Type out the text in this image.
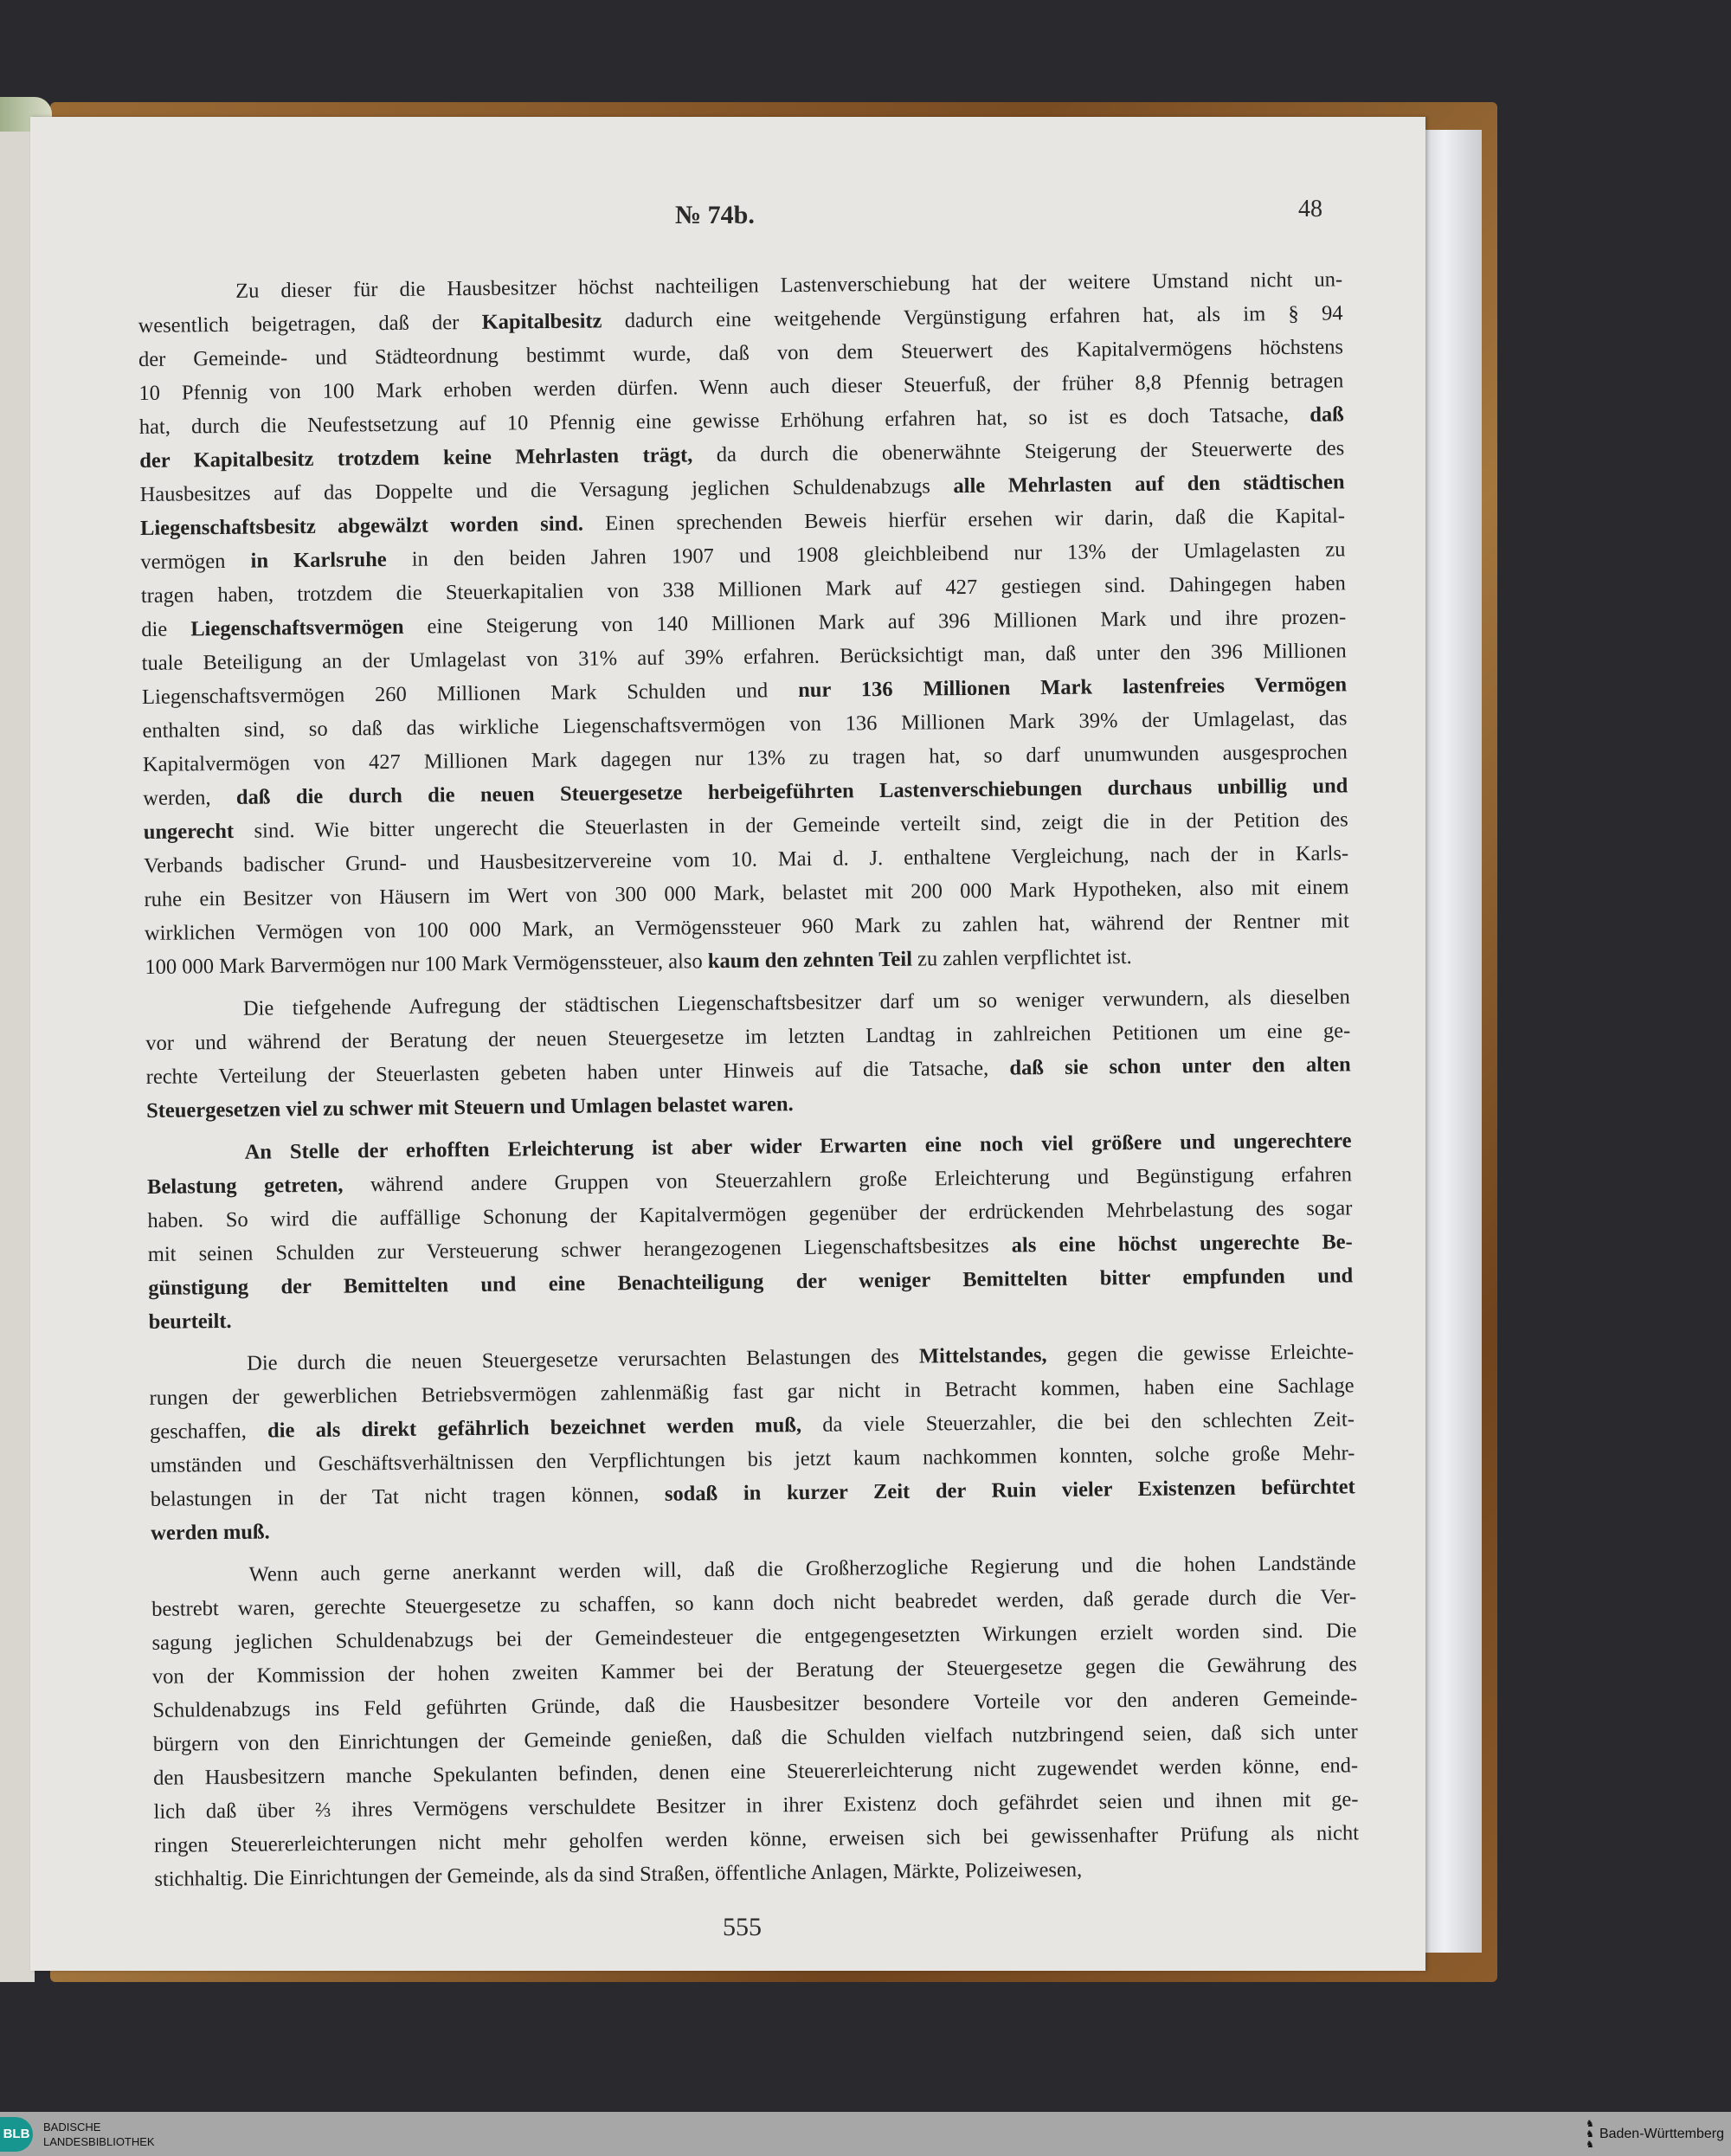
№ 74b.	48
Zu dieser für die Hausbesitzer höchst nachteiligen Lastenverschiebung hat der weitere Umstand nicht un-
wesentlich beigetragen, daß der Kapitalbesitz dadurch eine weitgehende Vergünstigung erfahren hat, als im § 94
der Gemeinde- und Städteordnung bestimmt wurde, daß von dem Steuerwert des Kapitalvermögens höchstens
10 Pfennig von 100 Mark erhoben werden dürfen. Wenn auch dieser Steuerfuß, der früher 8,8 Pfennig betragen
hat, durch die Neufestsetzung auf 10 Pfennig eine gewisse Erhöhung erfahren hat, so ist es doch Tatsache, daß
der Kapitalbesitz trotzdem keine Mehrlasten trägt, da durch die obenerwähnte Steigerung der Steuerwerte des
Hausbesitzes auf das Doppelte und die Versagung jeglichen Schuldenabzugs alle Mehrlasten auf den städtischen
Liegenschaftsbesitz abgewälzt worden sind. Einen sprechenden Beweis hierfür ersehen wir darin, daß die Kapital-
vermögen in Karlsruhe in den beiden Jahren 1907 und 1908 gleichbleibend nur 13% der Umlagelasten zu
tragen haben, trotzdem die Steuerkapitalien von 338 Millionen Mark auf 427 gestiegen sind. Dahingegen haben
die Liegenschaftsvermögen eine Steigerung von 140 Millionen Mark auf 396 Millionen Mark und ihre prozen-
tuale Beteiligung an der Umlagelast von 31% auf 39% erfahren. Berücksichtigt man, daß unter den 396 Millionen
Liegenschaftsvermögen 260 Millionen Mark Schulden und nur 136 Millionen Mark lastenfreies Vermögen
enthalten sind, so daß das wirkliche Liegenschaftsvermögen von 136 Millionen Mark 39% der Umlagelast, das
Kapitalvermögen von 427 Millionen Mark dagegen nur 13% zu tragen hat, so darf unumwunden ausgesprochen
werden, daß die durch die neuen Steuergesetze herbeigeführten Lastenverschiebungen durchaus unbillig und
ungerecht sind. Wie bitter ungerecht die Steuerlasten in der Gemeinde verteilt sind, zeigt die in der Petition des
Verbands badischer Grund- und Hausbesitzervereine vom 10. Mai d. J. enthaltene Vergleichung, nach der in Karls-
ruhe ein Besitzer von Häusern im Wert von 300 000 Mark, belastet mit 200 000 Mark Hypotheken, also mit einem
wirklichen Vermögen von 100 000 Mark, an Vermögenssteuer 960 Mark zu zahlen hat, während der Rentner mit
100 000 Mark Barvermögen nur 100 Mark Vermögenssteuer, also kaum den zehnten Teil zu zahlen verpflichtet ist.
Die tiefgehende Aufregung der städtischen Liegenschaftsbesitzer darf um so weniger verwundern, als dieselben
vor und während der Beratung der neuen Steuergesetze im letzten Landtag in zahlreichen Petitionen um eine ge-
rechte Verteilung der Steuerlasten gebeten haben unter Hinweis auf die Tatsache, daß sie schon unter den alten
Steuergesetzen viel zu schwer mit Steuern und Umlagen belastet waren.
An Stelle der erhofften Erleichterung ist aber wider Erwarten eine noch viel größere und ungerechtere
Belastung getreten, während andere Gruppen von Steuerzahlern große Erleichterung und Begünstigung erfahren
haben. So wird die auffällige Schonung der Kapitalvermögen gegenüber der erdrückenden Mehrbelastung des sogar
mit seinen Schulden zur Versteuerung schwer herangezogenen Liegenschaftsbesitzes als eine höchst ungerechte Be-
günstigung der Bemittelten und eine Benachteiligung der weniger Bemittelten bitter empfunden und
beurteilt.
Die durch die neuen Steuergesetze verursachten Belastungen des Mittelstandes, gegen die gewisse Erleichte-
rungen der gewerblichen Betriebsvermögen zahlenmäßig fast gar nicht in Betracht kommen, haben eine Sachlage
geschaffen, die als direkt gefährlich bezeichnet werden muß, da viele Steuerzahler, die bei den schlechten Zeit-
umständen und Geschäftsverhältnissen den Verpflichtungen bis jetzt kaum nachkommen konnten, solche große Mehr-
belastungen in der Tat nicht tragen können, sodaß in kurzer Zeit der Ruin vieler Existenzen befürchtet
werden muß.
Wenn auch gerne anerkannt werden will, daß die Großherzogliche Regierung und die hohen Landstände
bestrebt waren, gerechte Steuergesetze zu schaffen, so kann doch nicht beabredet werden, daß gerade durch die Ver-
sagung jeglichen Schuldenabzugs bei der Gemeindesteuer die entgegengesetzten Wirkungen erzielt worden sind. Die
von der Kommission der hohen zweiten Kammer bei der Beratung der Steuergesetze gegen die Gewährung des
Schuldenabzugs ins Feld geführten Gründe, daß die Hausbesitzer besondere Vorteile vor den anderen Gemeinde-
bürgern von den Einrichtungen der Gemeinde genießen, daß die Schulden vielfach nutzbringend seien, daß sich unter
den Hausbesitzern manche Spekulanten befinden, denen eine Steuererleichterung nicht zugewendet werden könne, end-
lich daß über ⅔ ihres Vermögens verschuldete Besitzer in ihrer Existenz doch gefährdet seien und ihnen mit ge-
ringen Steuererleichterungen nicht mehr geholfen werden könne, erweisen sich bei gewissenhafter Prüfung als nicht
stichhaltig. Die Einrichtungen der Gemeinde, als da sind Straßen, öffentliche Anlagen, Märkte, Polizeiwesen,
555
BLB BADISCHE
LANDESBIBLIOTHEK
♞
♞
♞Baden-Württemberg
